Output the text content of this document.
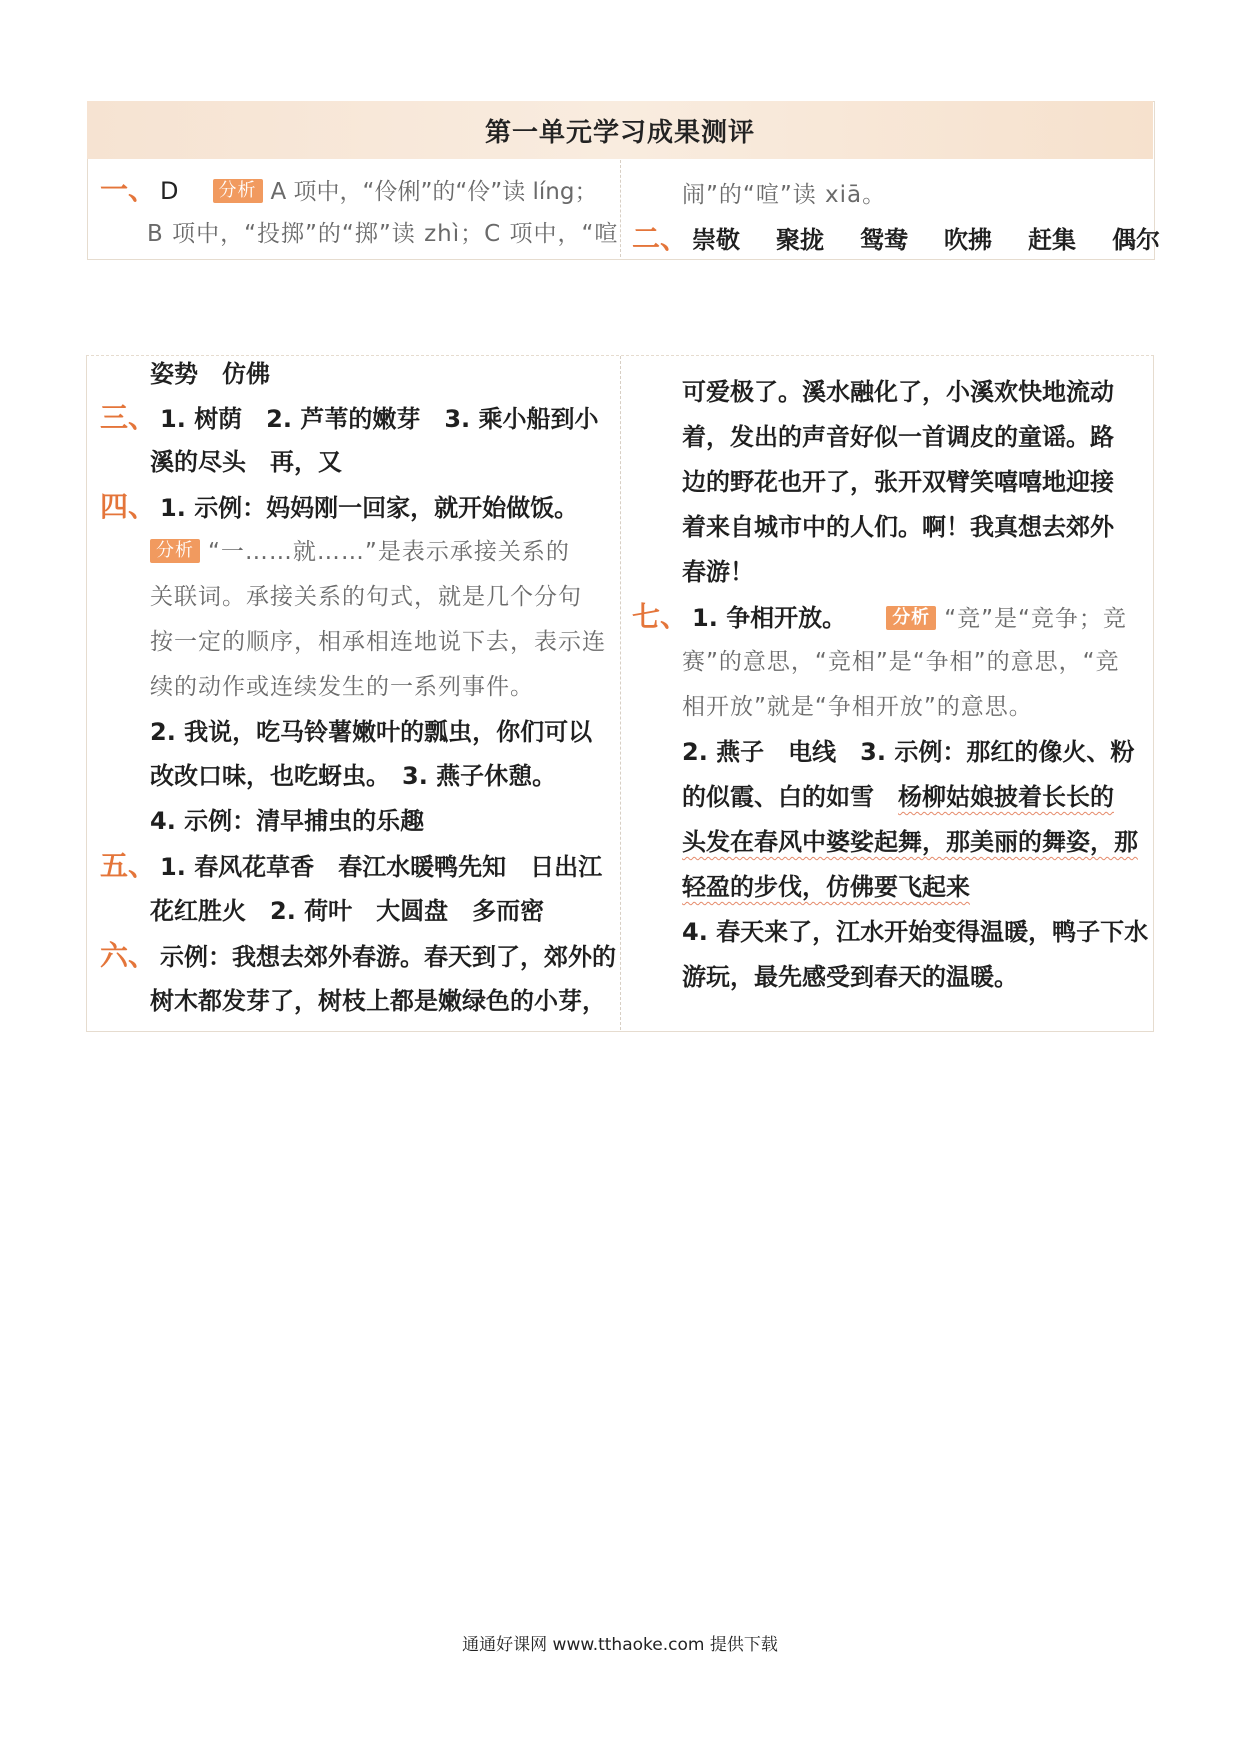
第一单元学习成果测评
一、 D 分析 A 项中，“伶俐”的“伶”读 líng；
B 项中，“投掷”的“掷”读 zhì；C 项中，“喧
闹”的“喧”读 xiā。
二、 崇敬 聚拢 鸳鸯 吹拂 赶集 偶尔
姿势　仿佛
三、 1. 树荫　2. 芦苇的嫩芽　3. 乘小船到小
溪的尽头　再，又
四、 1. 示例：妈妈刚一回家，就开始做饭。
分析 “一……就……”是表示承接关系的
关联词。承接关系的句式，就是几个分句
按一定的顺序，相承相连地说下去，表示连
续的动作或连续发生的一系列事件。
2. 我说，吃马铃薯嫩叶的瓢虫，你们可以
改改口味，也吃蚜虫。　3. 燕子休憩。
4. 示例：清早捕虫的乐趣
五、 1. 春风花草香　春江水暖鸭先知　日出江
花红胜火　2. 荷叶　大圆盘　多而密
六、 示例：我想去郊外春游。春天到了，郊外的
树木都发芽了，树枝上都是嫩绿色的小芽，
可爱极了。溪水融化了，小溪欢快地流动
着，发出的声音好似一首调皮的童谣。路
边的野花也开了，张开双臂笑嘻嘻地迎接
着来自城市中的人们。啊！我真想去郊外
春游！
七、 1. 争相开放。	分析 “竞”是“竞争；竞
赛”的意思，“竞相”是“争相”的意思，“竞
相开放”就是“争相开放”的意思。
2. 燕子　电线　3. 示例：那红的像火、粉
的似霞、白的如雪　杨柳姑娘披着长长的
头发在春风中婆娑起舞，那美丽的舞姿，那
轻盈的步伐，仿佛要飞起来
4. 春天来了，江水开始变得温暖，鸭子下水
游玩，最先感受到春天的温暖。
通通好课网 www.tthaoke.com 提供下载
